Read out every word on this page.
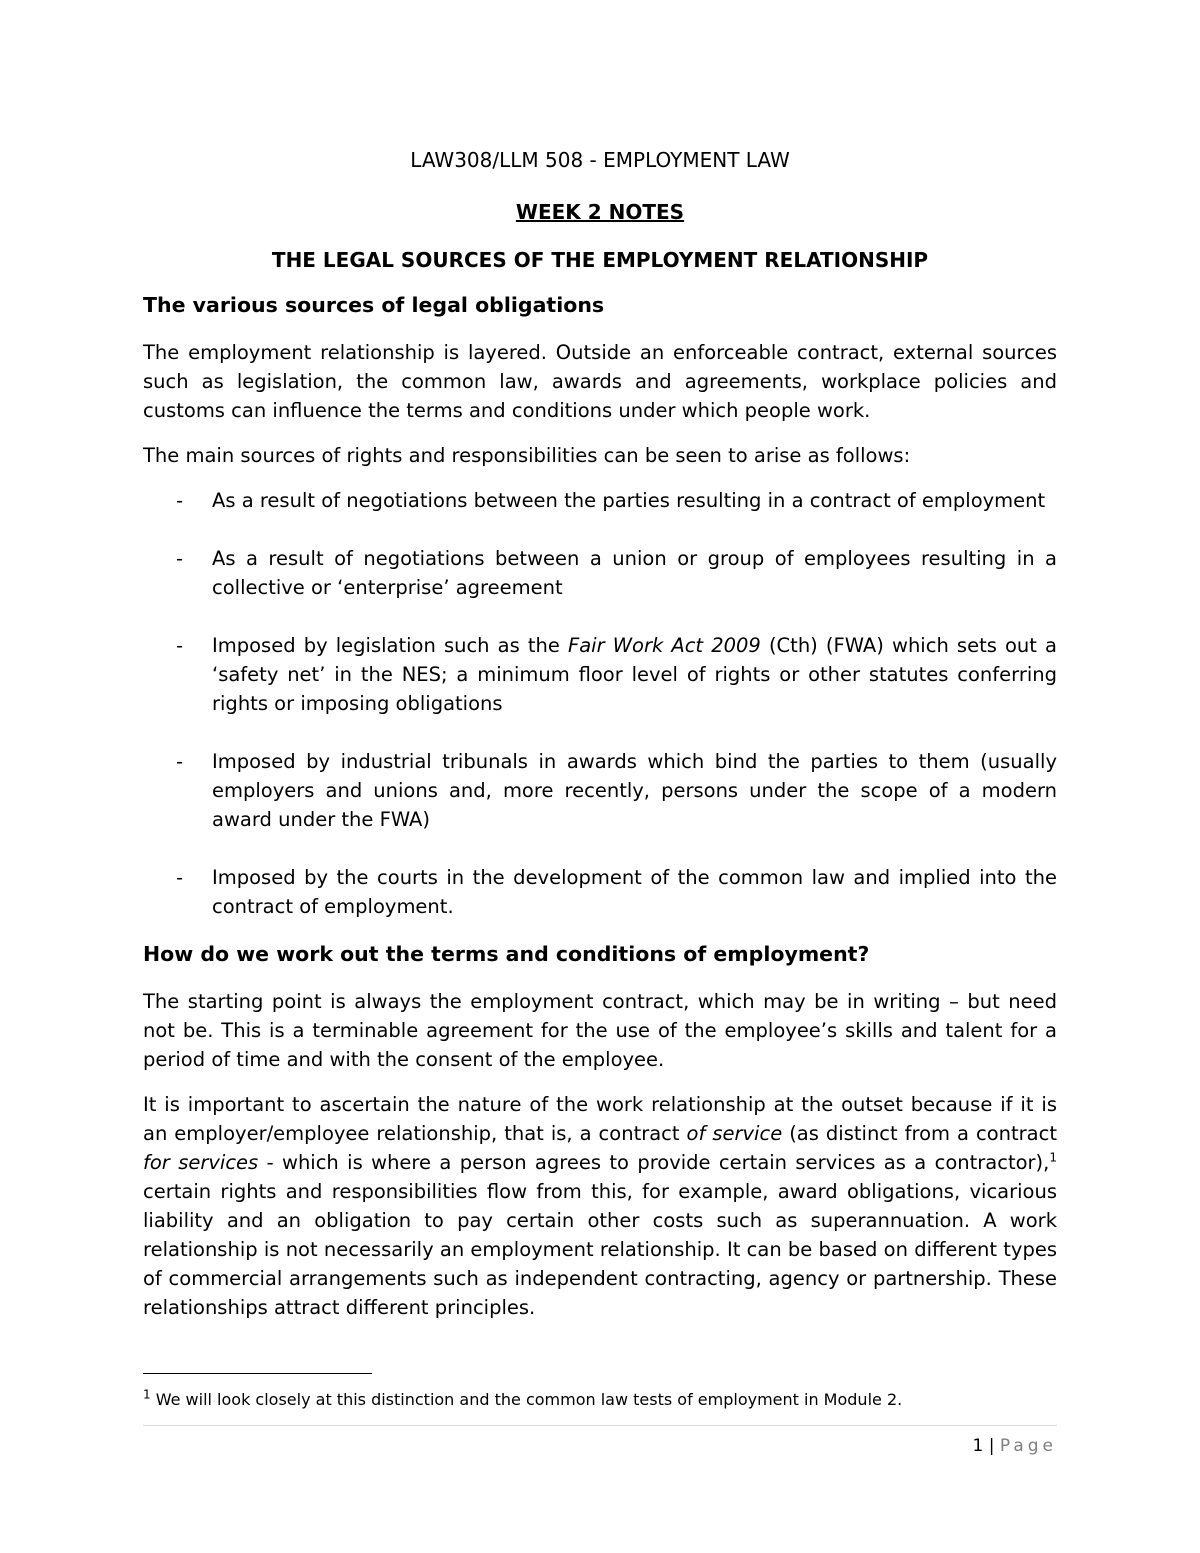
LAW308/LLM 508 - EMPLOYMENT LAW

WEEK 2 NOTES

THE LEGAL SOURCES OF THE EMPLOYMENT RELATIONSHIP

The various sources of legal obligations

The employment relationship is layered. Outside an enforceable contract, external sources such as legislation, the common law, awards and agreements, workplace policies and customs can influence the terms and conditions under which people work.

The main sources of rights and responsibilities can be seen to arise as follows:

- As a result of negotiations between the parties resulting in a contract of employment
- As a result of negotiations between a union or group of employees resulting in a collective or ‘enterprise’ agreement
- Imposed by legislation such as the Fair Work Act 2009 (Cth) (FWA) which sets out a ‘safety net’ in the NES; a minimum floor level of rights or other statutes conferring rights or imposing obligations
- Imposed by industrial tribunals in awards which bind the parties to them (usually employers and unions and, more recently, persons under the scope of a modern award under the FWA)
- Imposed by the courts in the development of the common law and implied into the contract of employment.

How do we work out the terms and conditions of employment?

The starting point is always the employment contract, which may be in writing – but need not be. This is a terminable agreement for the use of the employee’s skills and talent for a period of time and with the consent of the employee.

It is important to ascertain the nature of the work relationship at the outset because if it is an employer/employee relationship, that is, a contract of service (as distinct from a contract for services - which is where a person agrees to provide certain services as a contractor),$^1$ certain rights and responsibilities flow from this, for example, award obligations, vicarious liability and an obligation to pay certain other costs such as superannuation. A work relationship is not necessarily an employment relationship. It can be based on different types of commercial arrangements such as independent contracting, agency or partnership. These relationships attract different principles.

$^1$ We will look closely at this distinction and the common law tests of employment in Module 2.
1 | Page
